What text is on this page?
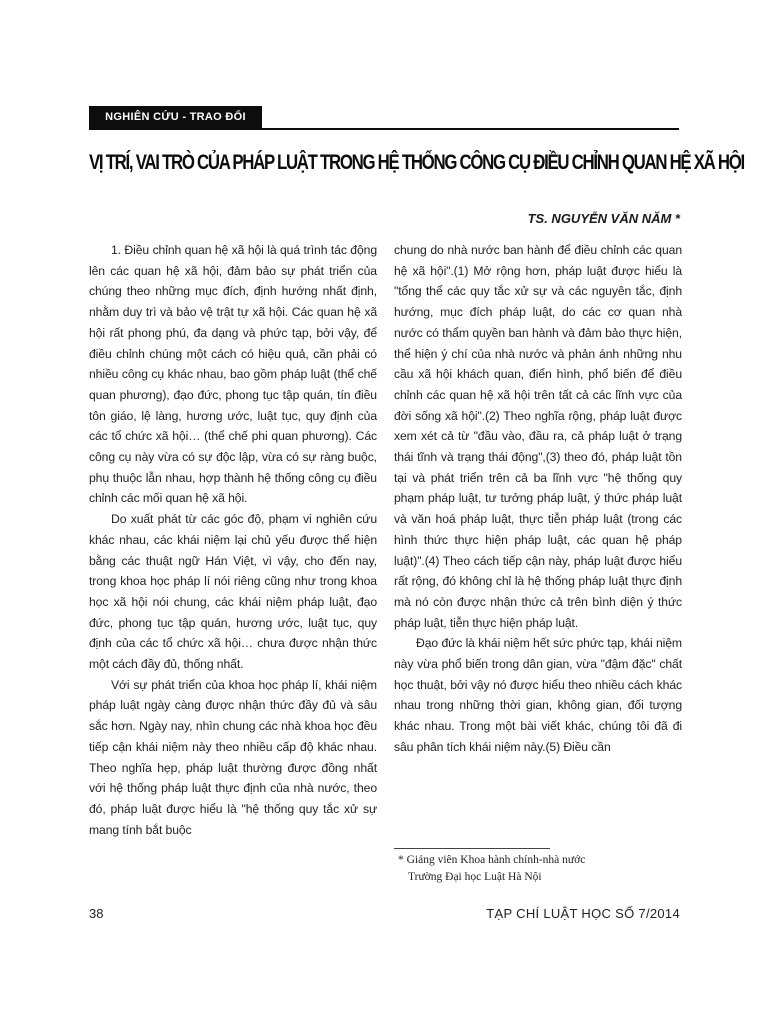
NGHIÊN CỨU - TRAO ĐỔI
VỊ TRÍ, VAI TRÒ CỦA PHÁP LUẬT TRONG HỆ THỐNG CÔNG CỤ ĐIỀU CHỈNH QUAN HỆ XÃ HỘI
TS. NGUYỄN VĂN NĂM *

1. Điều chỉnh quan hệ xã hội là quá trình tác động lên các quan hệ xã hội, đảm bảo sự phát triển của chúng theo những mục đích, định hướng nhất định, nhằm duy trì và bảo vệ trật tự xã hội. Các quan hệ xã hội rất phong phú, đa dạng và phức tạp, bởi vậy, để điều chỉnh chúng một cách có hiệu quả, cần phải có nhiều công cụ khác nhau, bao gồm pháp luật (thể chế quan phương), đạo đức, phong tục tập quán, tín điều tôn giáo, lệ làng, hương ước, luật tục, quy định của các tổ chức xã hội… (thể chế phi quan phương). Các công cụ này vừa có sự độc lập, vừa có sự ràng buộc, phụ thuộc lẫn nhau, hợp thành hệ thống công cụ điều chỉnh các mối quan hệ xã hội.

Do xuất phát từ các góc độ, phạm vi nghiên cứu khác nhau, các khái niệm lại chủ yếu được thể hiện bằng các thuật ngữ Hán Việt, vì vậy, cho đến nay, trong khoa học pháp lí nói riêng cũng như trong khoa học xã hội nói chung, các khái niệm pháp luật, đạo đức, phong tục tập quán, hương ước, luật tục, quy định của các tổ chức xã hội… chưa được nhận thức một cách đầy đủ, thống nhất.

Với sự phát triển của khoa học pháp lí, khái niệm pháp luật ngày càng được nhận thức đầy đủ và sâu sắc hơn. Ngày nay, nhìn chung các nhà khoa học đều tiếp cận khái niệm này theo nhiều cấp độ khác nhau. Theo nghĩa hẹp, pháp luật thường được đồng nhất với hệ thống pháp luật thực định của nhà nước, theo đó, pháp luật được hiểu là "hệ thống quy tắc xử sự mang tính bắt buộc

chung do nhà nước ban hành để điều chỉnh các quan hệ xã hội".(1) Mở rộng hơn, pháp luật được hiểu là "tổng thể các quy tắc xử sự và các nguyên tắc, định hướng, mục đích pháp luật, do các cơ quan nhà nước có thẩm quyền ban hành và đảm bảo thực hiện, thể hiện ý chí của nhà nước và phản ánh những nhu cầu xã hội khách quan, điển hình, phổ biến để điều chỉnh các quan hệ xã hội trên tất cả các lĩnh vực của đời sống xã hội".(2) Theo nghĩa rộng, pháp luật được xem xét cả từ "đầu vào, đầu ra, cả pháp luật ở trạng thái tĩnh và trạng thái động",(3) theo đó, pháp luật tồn tại và phát triển trên cả ba lĩnh vực "hệ thống quy phạm pháp luật, tư tưởng pháp luật, ý thức pháp luật và văn hoá pháp luật, thực tiễn pháp luật (trong các hình thức thực hiện pháp luật, các quan hệ pháp luật)".(4) Theo cách tiếp cận này, pháp luật được hiểu rất rộng, đó không chỉ là hệ thống pháp luật thực định mà nó còn được nhận thức cả trên bình diện ý thức pháp luật, tiễn thực hiện pháp luật.

Đạo đức là khái niệm hết sức phức tạp, khái niệm này vừa phổ biến trong dân gian, vừa "đậm đặc" chất học thuật, bởi vậy nó được hiểu theo nhiều cách khác nhau trong những thời gian, không gian, đối tượng khác nhau. Trong một bài viết khác, chúng tôi đã đi sâu phân tích khái niệm này.(5) Điều cần

* Giảng viên Khoa hành chính-nhà nước
Trường Đại học Luật Hà Nội
38	TẠP CHÍ LUẬT HỌC SỐ 7/2014
